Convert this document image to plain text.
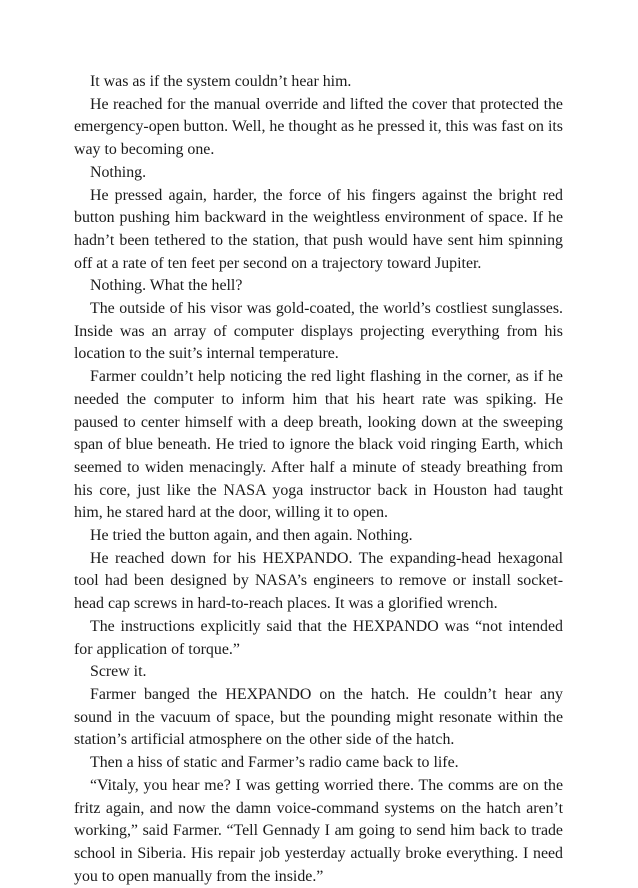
It was as if the system couldn’t hear him.

He reached for the manual override and lifted the cover that protected the emergency-open button. Well, he thought as he pressed it, this was fast on its way to becoming one.

Nothing.

He pressed again, harder, the force of his fingers against the bright red button pushing him backward in the weightless environment of space. If he hadn’t been tethered to the station, that push would have sent him spinning off at a rate of ten feet per second on a trajectory toward Jupiter.

Nothing. What the hell?

The outside of his visor was gold-coated, the world’s costliest sunglasses. Inside was an array of computer displays projecting everything from his location to the suit’s internal temperature.

Farmer couldn’t help noticing the red light flashing in the corner, as if he needed the computer to inform him that his heart rate was spiking. He paused to center himself with a deep breath, looking down at the sweeping span of blue beneath. He tried to ignore the black void ringing Earth, which seemed to widen menacingly. After half a minute of steady breathing from his core, just like the NASA yoga instructor back in Houston had taught him, he stared hard at the door, willing it to open.

He tried the button again, and then again. Nothing.

He reached down for his HEXPANDO. The expanding-head hexagonal tool had been designed by NASA’s engineers to remove or install socket-head cap screws in hard-to-reach places. It was a glorified wrench.

The instructions explicitly said that the HEXPANDO was “not intended for application of torque.”

Screw it.

Farmer banged the HEXPANDO on the hatch. He couldn’t hear any sound in the vacuum of space, but the pounding might resonate within the station’s artificial atmosphere on the other side of the hatch.

Then a hiss of static and Farmer’s radio came back to life.

“Vitaly, you hear me? I was getting worried there. The comms are on the fritz again, and now the damn voice-command systems on the hatch aren’t working,” said Farmer. “Tell Gennady I am going to send him back to trade school in Siberia. His repair job yesterday actually broke everything. I need you to open manually from the inside.”
